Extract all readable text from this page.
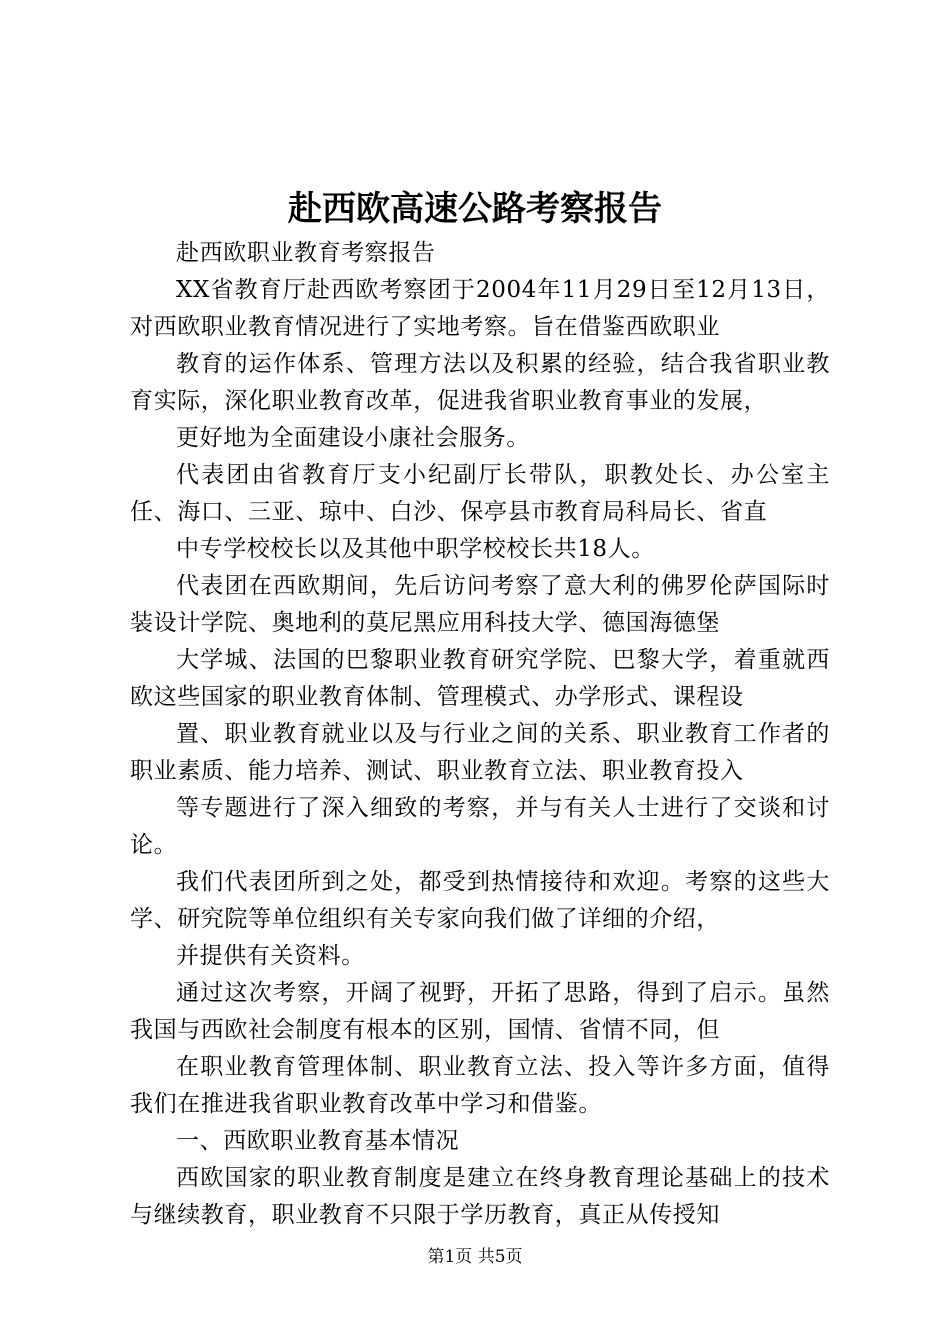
赴西欧高速公路考察报告

赴西欧职业教育考察报告

XX省教育厅赴西欧考察团于2004年11月29日至12月13日，对西欧职业教育情况进行了实地考察。旨在借鉴西欧职业

教育的运作体系、管理方法以及积累的经验，结合我省职业教育实际，深化职业教育改革，促进我省职业教育事业的发展，

更好地为全面建设小康社会服务。

代表团由省教育厅支小纪副厅长带队，职教处长、办公室主任、海口、三亚、琼中、白沙、保亭县市教育局科局长、省直

中专学校校长以及其他中职学校校长共18人。

代表团在西欧期间，先后访问考察了意大利的佛罗伦萨国际时装设计学院、奥地利的莫尼黑应用科技大学、德国海德堡

大学城、法国的巴黎职业教育研究学院、巴黎大学，着重就西欧这些国家的职业教育体制、管理模式、办学形式、课程设

置、职业教育就业以及与行业之间的关系、职业教育工作者的职业素质、能力培养、测试、职业教育立法、职业教育投入

等专题进行了深入细致的考察，并与有关人士进行了交谈和讨论。

我们代表团所到之处，都受到热情接待和欢迎。考察的这些大学、研究院等单位组织有关专家向我们做了详细的介绍，

并提供有关资料。

通过这次考察，开阔了视野，开拓了思路，得到了启示。虽然我国与西欧社会制度有根本的区别，国情、省情不同，但

在职业教育管理体制、职业教育立法、投入等许多方面，值得我们在推进我省职业教育改革中学习和借鉴。

一、西欧职业教育基本情况

西欧国家的职业教育制度是建立在终身教育理论基础上的技术与继续教育，职业教育不只限于学历教育，真正从传授知

第1页 共5页
